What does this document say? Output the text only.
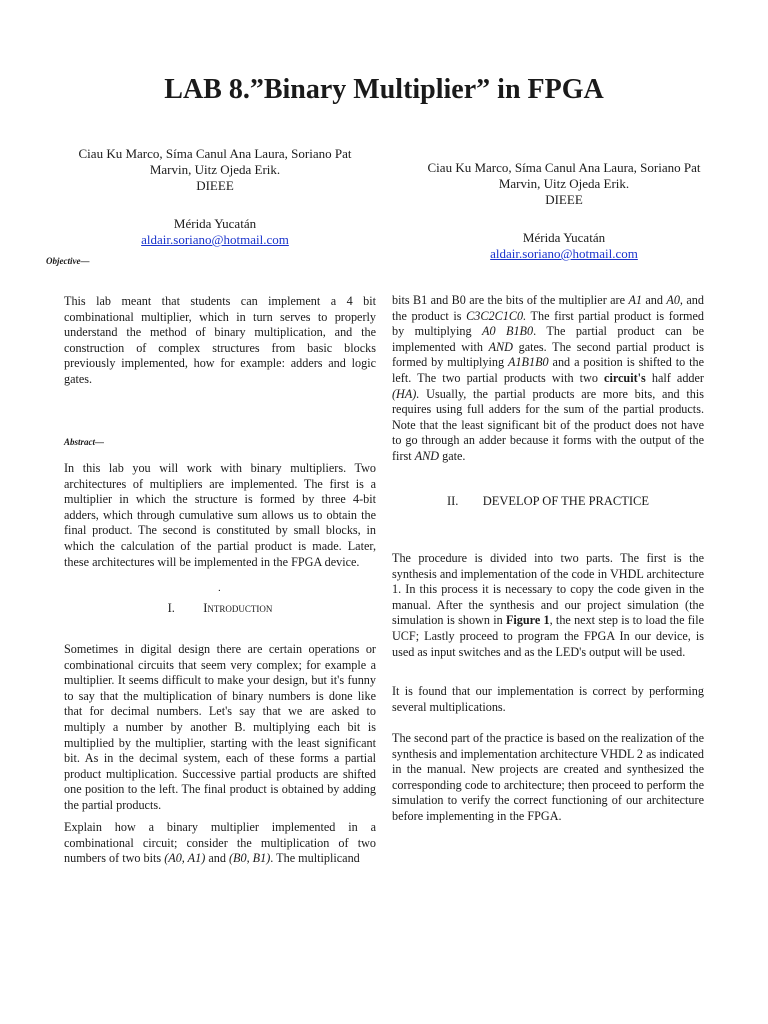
LAB 8.”Binary Multiplier” in FPGA
Ciau Ku Marco, Síma Canul Ana Laura, Soriano Pat
Marvin, Uitz Ojeda Erik.
DIEEE
Mérida Yucatán
aldair.soriano@hotmail.com
Ciau Ku Marco, Síma Canul Ana Laura, Soriano Pat
Marvin, Uitz Ojeda Erik.
DIEEE
Mérida Yucatán
aldair.soriano@hotmail.com
Objective—
This lab meant that students can implement a 4 bit combinational multiplier, which in turn serves to properly understand the method of binary multiplication, and the construction of complex structures from basic blocks previously implemented, how for example: adders and logic gates.
Abstract—
In this lab you will work with binary multipliers. Two architectures of multipliers are implemented. The first is a multiplier in which the structure is formed by three 4-bit adders, which through cumulative sum allows us to obtain the final product. The second is constituted by small blocks, in which the calculation of the partial product is made. Later, these architectures will be implemented in the FPGA device.
.
I. Introduction
Sometimes in digital design there are certain operations or combinational circuits that seem very complex; for example a multiplier. It seems difficult to make your design, but it's funny to say that the multiplication of binary numbers is done like that for decimal numbers. Let's say that we are asked to multiply a number by another B. multiplying each bit is multiplied by the multiplier, starting with the least significant bit. As in the decimal system, each of these forms a partial product multiplication. Successive partial products are shifted one position to the left. The final product is obtained by adding the partial products.
Explain how a binary multiplier implemented in a combinational circuit; consider the multiplication of two numbers of two bits (A0, A1) and (B0, B1). The multiplicand
bits B1 and B0 are the bits of the multiplier are A1 and A0, and the product is C3C2C1C0. The first partial product is formed by multiplying A0 B1B0. The partial product can be implemented with AND gates. The second partial product is formed by multiplying A1B1B0 and a position is shifted to the left. The two partial products with two circuit's half adder (HA). Usually, the partial products are more bits, and this requires using full adders for the sum of the partial products. Note that the least significant bit of the product does not have to go through an adder because it forms with the output of the first AND gate.
II. DEVELOP OF THE PRACTICE
The procedure is divided into two parts. The first is the synthesis and implementation of the code in VHDL architecture 1. In this process it is necessary to copy the code given in the manual. After the synthesis and our project simulation (the simulation is shown in Figure 1, the next step is to load the file UCF; Lastly proceed to program the FPGA In our device, is used as input switches and as the LED's output will be used.
It is found that our implementation is correct by performing several multiplications.
The second part of the practice is based on the realization of the synthesis and implementation architecture VHDL 2 as indicated in the manual. New projects are created and synthesized the corresponding code to architecture; then proceed to perform the simulation to verify the correct functioning of our architecture before implementing in the FPGA.
